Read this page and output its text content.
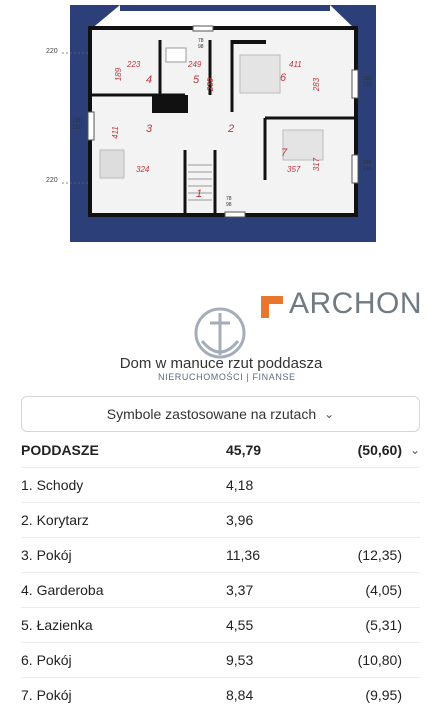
220
220
180
210
78
98
78
98
150
210
150
210
223
189 4
249
239
5
411
283
6
324
411 3	2
357 317
7
1
ARCHON
NIERUCHOMOŚCI | FINANSE
Dom w manuce rzut poddasza
Symbole zastosowane na rzutach ⌄
PODDASZE	45,79	(50,60) ⌄
1. Schody	4,18
2. Korytarz	3,96
3. Pokój	11,36	(12,35)
4. Garderoba	3,37	(4,05)
5. Łazienka	4,55	(5,31)
6. Pokój	9,53	(10,80)
7. Pokój	8,84	(9,95)
